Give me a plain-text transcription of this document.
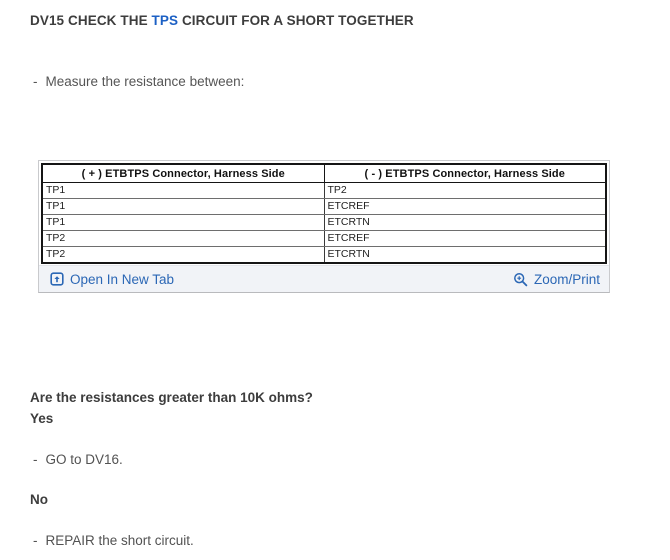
DV15 CHECK THE TPS CIRCUIT FOR A SHORT TOGETHER
- Measure the resistance between:
( + ) ETBTPS Connector, Harness Side	( - ) ETBTPS Connector, Harness Side
TP1	TP2
TP1	ETCREF
TP1	ETCRTN
TP2	ETCREF
TP2	ETCRTN
Open In New Tab	Zoom/Print
Are the resistances greater than 10K ohms?
Yes
- GO to DV16.
No
- REPAIR the short circuit.
